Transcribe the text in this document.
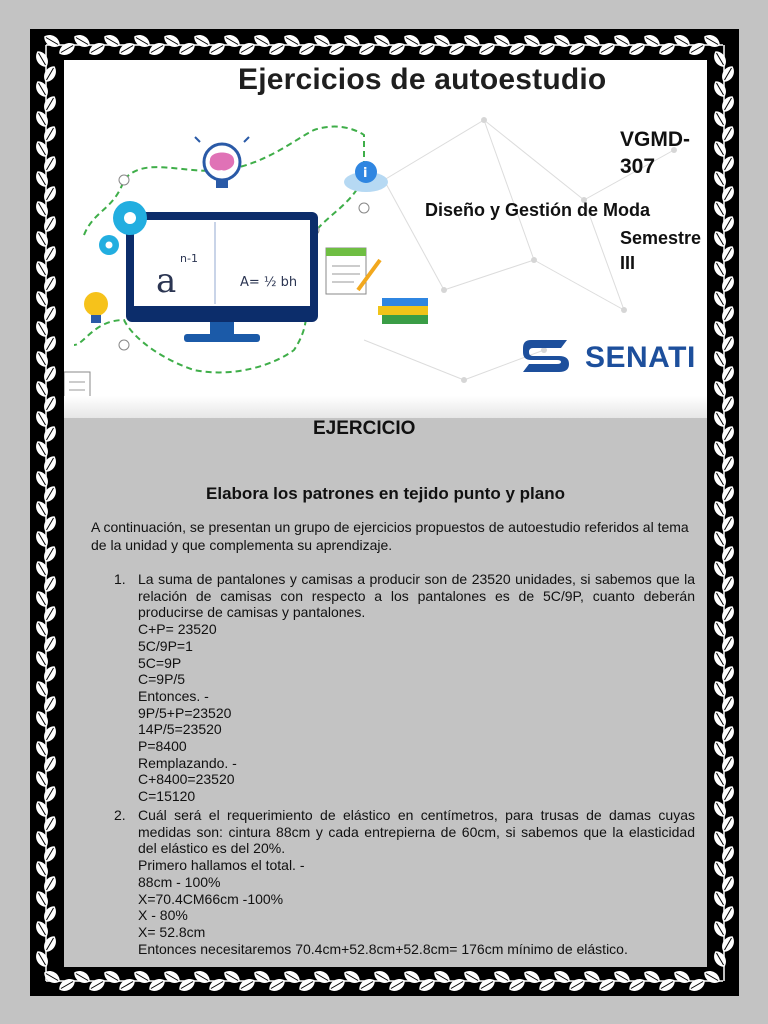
a
n-1
A= ½ bh
i
Ejercicios de autoestudio
VGMD-
307
Diseño y Gestión de Moda
Semestre
III
SENATI
EJERCICIO
Elabora los patrones en tejido punto y plano

A continuación, se presentan un grupo de ejercicios propuestos de autoestudio referidos al tema de la unidad y que complementa su aprendizaje.

1. La suma de pantalones y camisas a producir son de 23520 unidades, si sabemos que la relación de camisas con respecto a los pantalones es de 5C/9P, cuanto deberán producirse de camisas y pantalones.

C+P= 23520
5C/9P=1
5C=9P
C=9P/5
Entonces. -
9P/5+P=23520
14P/5=23520
P=8400
Remplazando. -
C+8400=23520
C=15120
2. Cuál será el requerimiento de elástico en centímetros, para trusas de damas cuyas medidas son: cintura 88cm y cada entrepierna de 60cm, si sabemos que la elasticidad del elástico es del 20%.

Primero hallamos el total. -
88cm - 100%
X=70.4CM66cm -100%
X - 80%
X= 52.8cm
Entonces necesitaremos 70.4cm+52.8cm+52.8cm= 176cm mínimo de elástico.
